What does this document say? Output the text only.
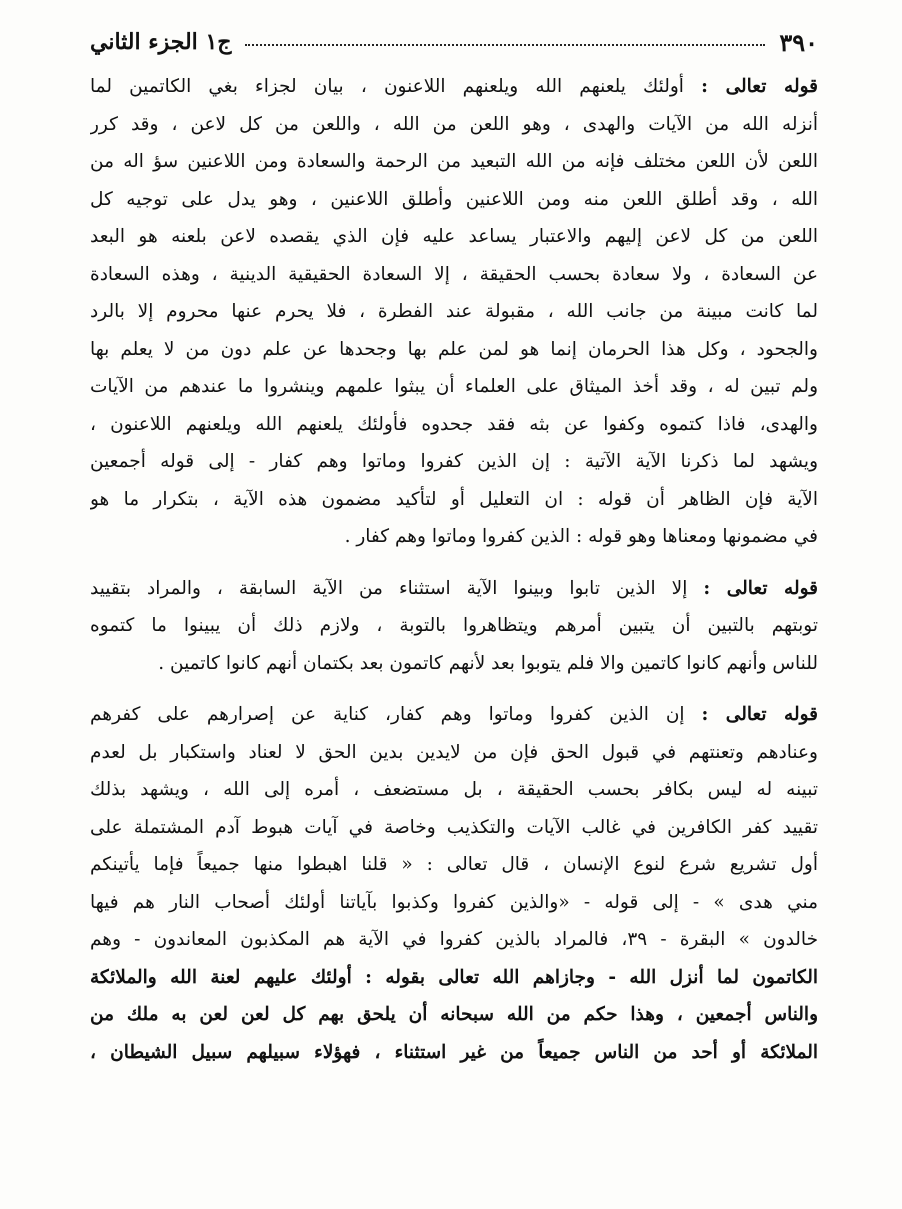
٣٩٠
ج١ الجزء الثاني
قوله تعالى : أولئك يلعنهم الله ويلعنهم اللاعنون ، بيان لجزاء بغي الكاتمين لما
أنزله الله من الآيات والهدى ، وهو اللعن من الله ، واللعن من كل لاعن ، وقد كرر
اللعن لأن اللعن مختلف فإنه من الله التبعيد من الرحمة والسعادة ومن اللاعنين سؤ اله من
الله ، وقد أطلق اللعن منه ومن اللاعنين وأطلق اللاعنين ، وهو يدل على توجيه كل
اللعن من كل لاعن إليهم والاعتبار يساعد عليه فإن الذي يقصده لاعن بلعنه هو البعد
عن السعادة ، ولا سعادة بحسب الحقيقة ، إلا السعادة الحقيقية الدينية ، وهذه السعادة
لما كانت مبينة من جانب الله ، مقبولة عند الفطرة ، فلا يحرم عنها محروم إلا بالرد
والجحود ، وكل هذا الحرمان إنما هو لمن علم بها وجحدها عن علم دون من لا يعلم بها
ولم تبين له ، وقد أخذ الميثاق على العلماء أن يبثوا علمهم وينشروا ما عندهم من الآيات
والهدى، فاذا كتموه وكفوا عن بثه فقد جحدوه فأولئك يلعنهم الله ويلعنهم اللاعنون ،
ويشهد لما ذكرنا الآية الآتية : إن الذين كفروا وماتوا وهم كفار - إلى قوله أجمعين
الآية فإن الظاهر أن قوله : ان التعليل أو لتأكيد مضمون هذه الآية ، بتكرار ما هو
في مضمونها ومعناها وهو قوله : الذين كفروا وماتوا وهم كفار .
قوله تعالى : إلا الذين تابوا وبينوا الآية استثناء من الآية السابقة ، والمراد بتقييد
توبتهم بالتبين أن يتبين أمرهم ويتظاهروا بالتوبة ، ولازم ذلك أن يبينوا ما كتموه
للناس وأنهم كانوا كاتمين والا فلم يتوبوا بعد لأنهم كاتمون بعد بكتمان أنهم كانوا كاتمين .
قوله تعالى : إن الذين كفروا وماتوا وهم كفار، كناية عن إصرارهم على كفرهم
وعنادهم وتعنتهم في قبول الحق فإن من لايدين بدين الحق لا لعناد واستكبار بل لعدم
تبينه له ليس بكافر بحسب الحقيقة ، بل مستضعف ، أمره إلى الله ، ويشهد بذلك
تقييد كفر الكافرين في غالب الآيات والتكذيب وخاصة في آيات هبوط آدم المشتملة على
أول تشريع شرع لنوع الإنسان ، قال تعالى : « قلنا اهبطوا منها جميعاً فإما يأتينكم
مني هدى » - إلى قوله - «والذين كفروا وكذبوا بآياتنا أولئك أصحاب النار هم فيها
خالدون » البقرة - ٣٩، فالمراد بالذين كفروا في الآية هم المكذبون المعاندون - وهم
الكاتمون لما أنزل الله - وجازاهم الله تعالى بقوله : أولئك عليهم لعنة الله والملائكة
والناس أجمعين ، وهذا حكم من الله سبحانه أن يلحق بهم كل لعن لعن به ملك من
الملائكة أو أحد من الناس جميعاً من غير استثناء ، فهؤلاء سبيلهم سبيل الشيطان ،
